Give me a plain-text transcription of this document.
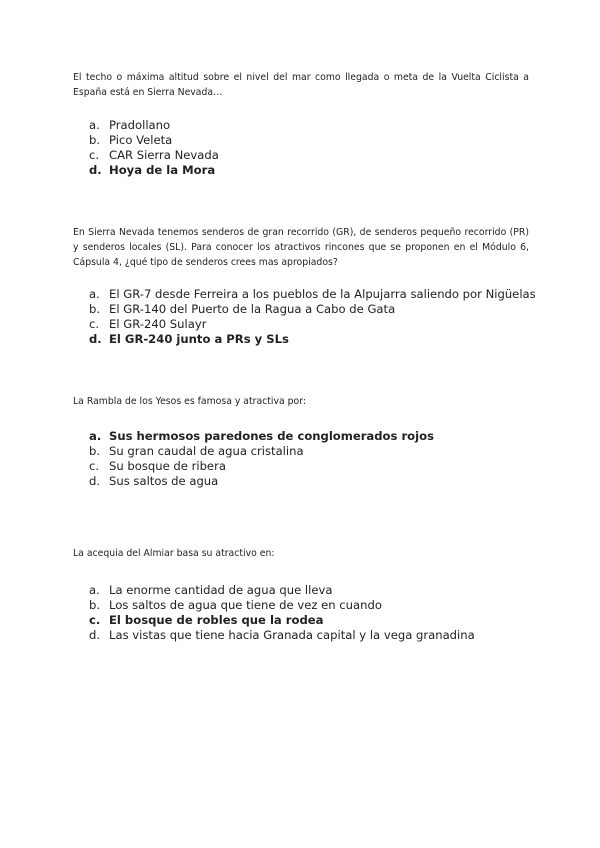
El techo o máxima altitud sobre el nivel del mar como llegada o meta de la Vuelta Ciclista a España está en Sierra Nevada…

a. Pradollano
b. Pico Veleta
c. CAR Sierra Nevada
d. Hoya de la Mora

En Sierra Nevada tenemos senderos de gran recorrido (GR), de senderos pequeño recorrido (PR) y senderos locales (SL). Para conocer los atractivos rincones que se proponen en el Módulo 6, Cápsula 4, ¿qué tipo de senderos crees mas apropiados?

a. El GR-7 desde Ferreira a los pueblos de la Alpujarra saliendo por Nigüelas
b. El GR-140 del Puerto de la Ragua a Cabo de Gata
c. El GR-240 Sulayr
d. El GR-240 junto a PRs y SLs

La Rambla de los Yesos es famosa y atractiva por:

a. Sus hermosos paredones de conglomerados rojos
b. Su gran caudal de agua cristalina
c. Su bosque de ribera
d. Sus saltos de agua

La acequia del Almiar basa su atractivo en:

a. La enorme cantidad de agua que lleva
b. Los saltos de agua que tiene de vez en cuando
c. El bosque de robles que la rodea
d. Las vistas que tiene hacia Granada capital y la vega granadina
